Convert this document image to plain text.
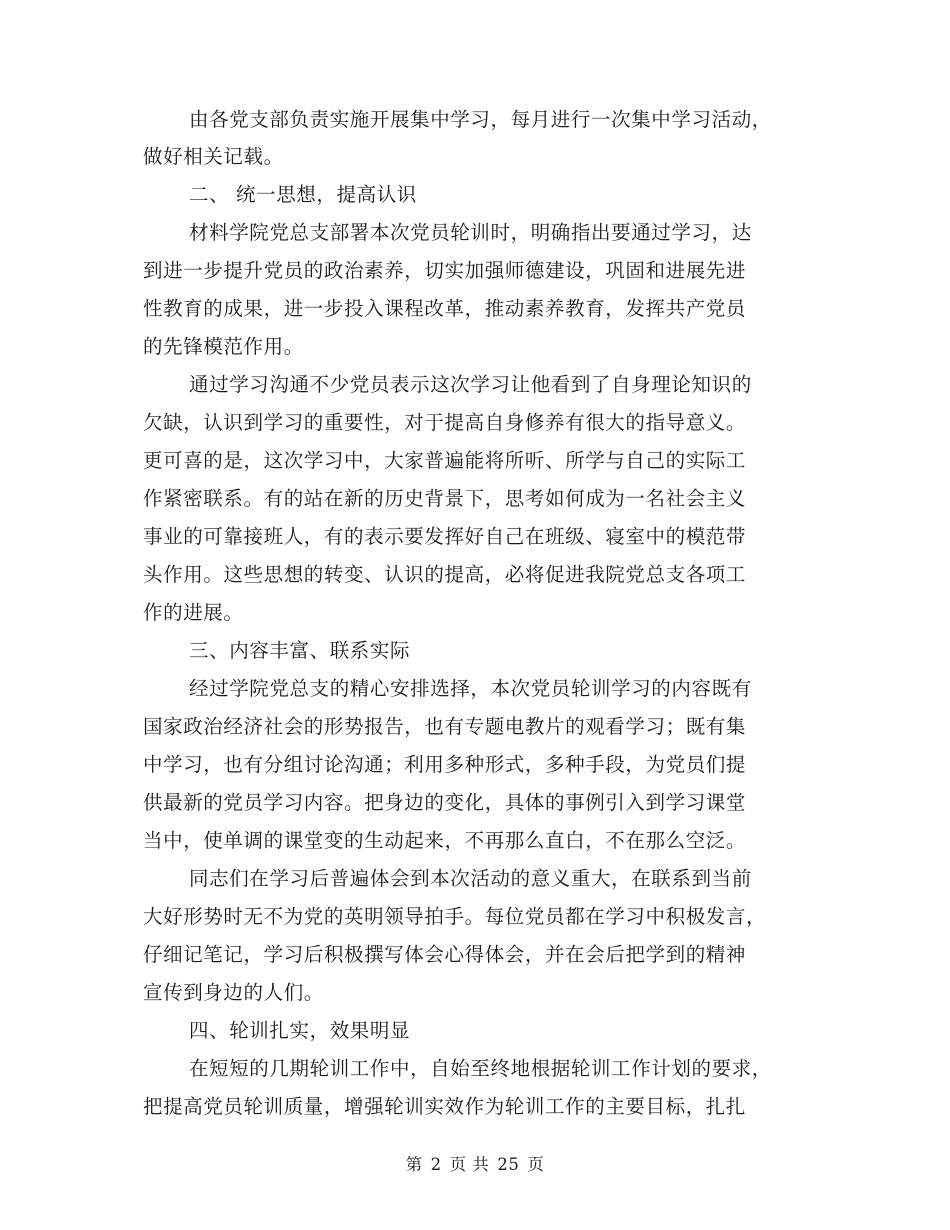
由各党支部负责实施开展集中学习，每月进行一次集中学习活动，
做好相关记载。
二、 统一思想，提高认识
材料学院党总支部署本次党员轮训时，明确指出要通过学习，达
到进一步提升党员的政治素养，切实加强师德建设，巩固和进展先进
性教育的成果，进一步投入课程改革，推动素养教育，发挥共产党员
的先锋模范作用。
通过学习沟通不少党员表示这次学习让他看到了自身理论知识的
欠缺，认识到学习的重要性，对于提高自身修养有很大的指导意义。
更可喜的是，这次学习中，大家普遍能将所听、所学与自己的实际工
作紧密联系。有的站在新的历史背景下，思考如何成为一名社会主义
事业的可靠接班人，有的表示要发挥好自己在班级、寝室中的模范带
头作用。这些思想的转变、认识的提高，必将促进我院党总支各项工
作的进展。
三、内容丰富、联系实际
经过学院党总支的精心安排选择，本次党员轮训学习的内容既有
国家政治经济社会的形势报告，也有专题电教片的观看学习；既有集
中学习，也有分组讨论沟通；利用多种形式，多种手段，为党员们提
供最新的党员学习内容。把身边的变化，具体的事例引入到学习课堂
当中，使单调的课堂变的生动起来，不再那么直白，不在那么空泛。
同志们在学习后普遍体会到本次活动的意义重大，在联系到当前
大好形势时无不为党的英明领导拍手。每位党员都在学习中积极发言，
仔细记笔记，学习后积极撰写体会心得体会，并在会后把学到的精神
宣传到身边的人们。
四、轮训扎实，效果明显
在短短的几期轮训工作中，自始至终地根据轮训工作计划的要求，
把提高党员轮训质量，增强轮训实效作为轮训工作的主要目标，扎扎
第 2 页 共 25 页
